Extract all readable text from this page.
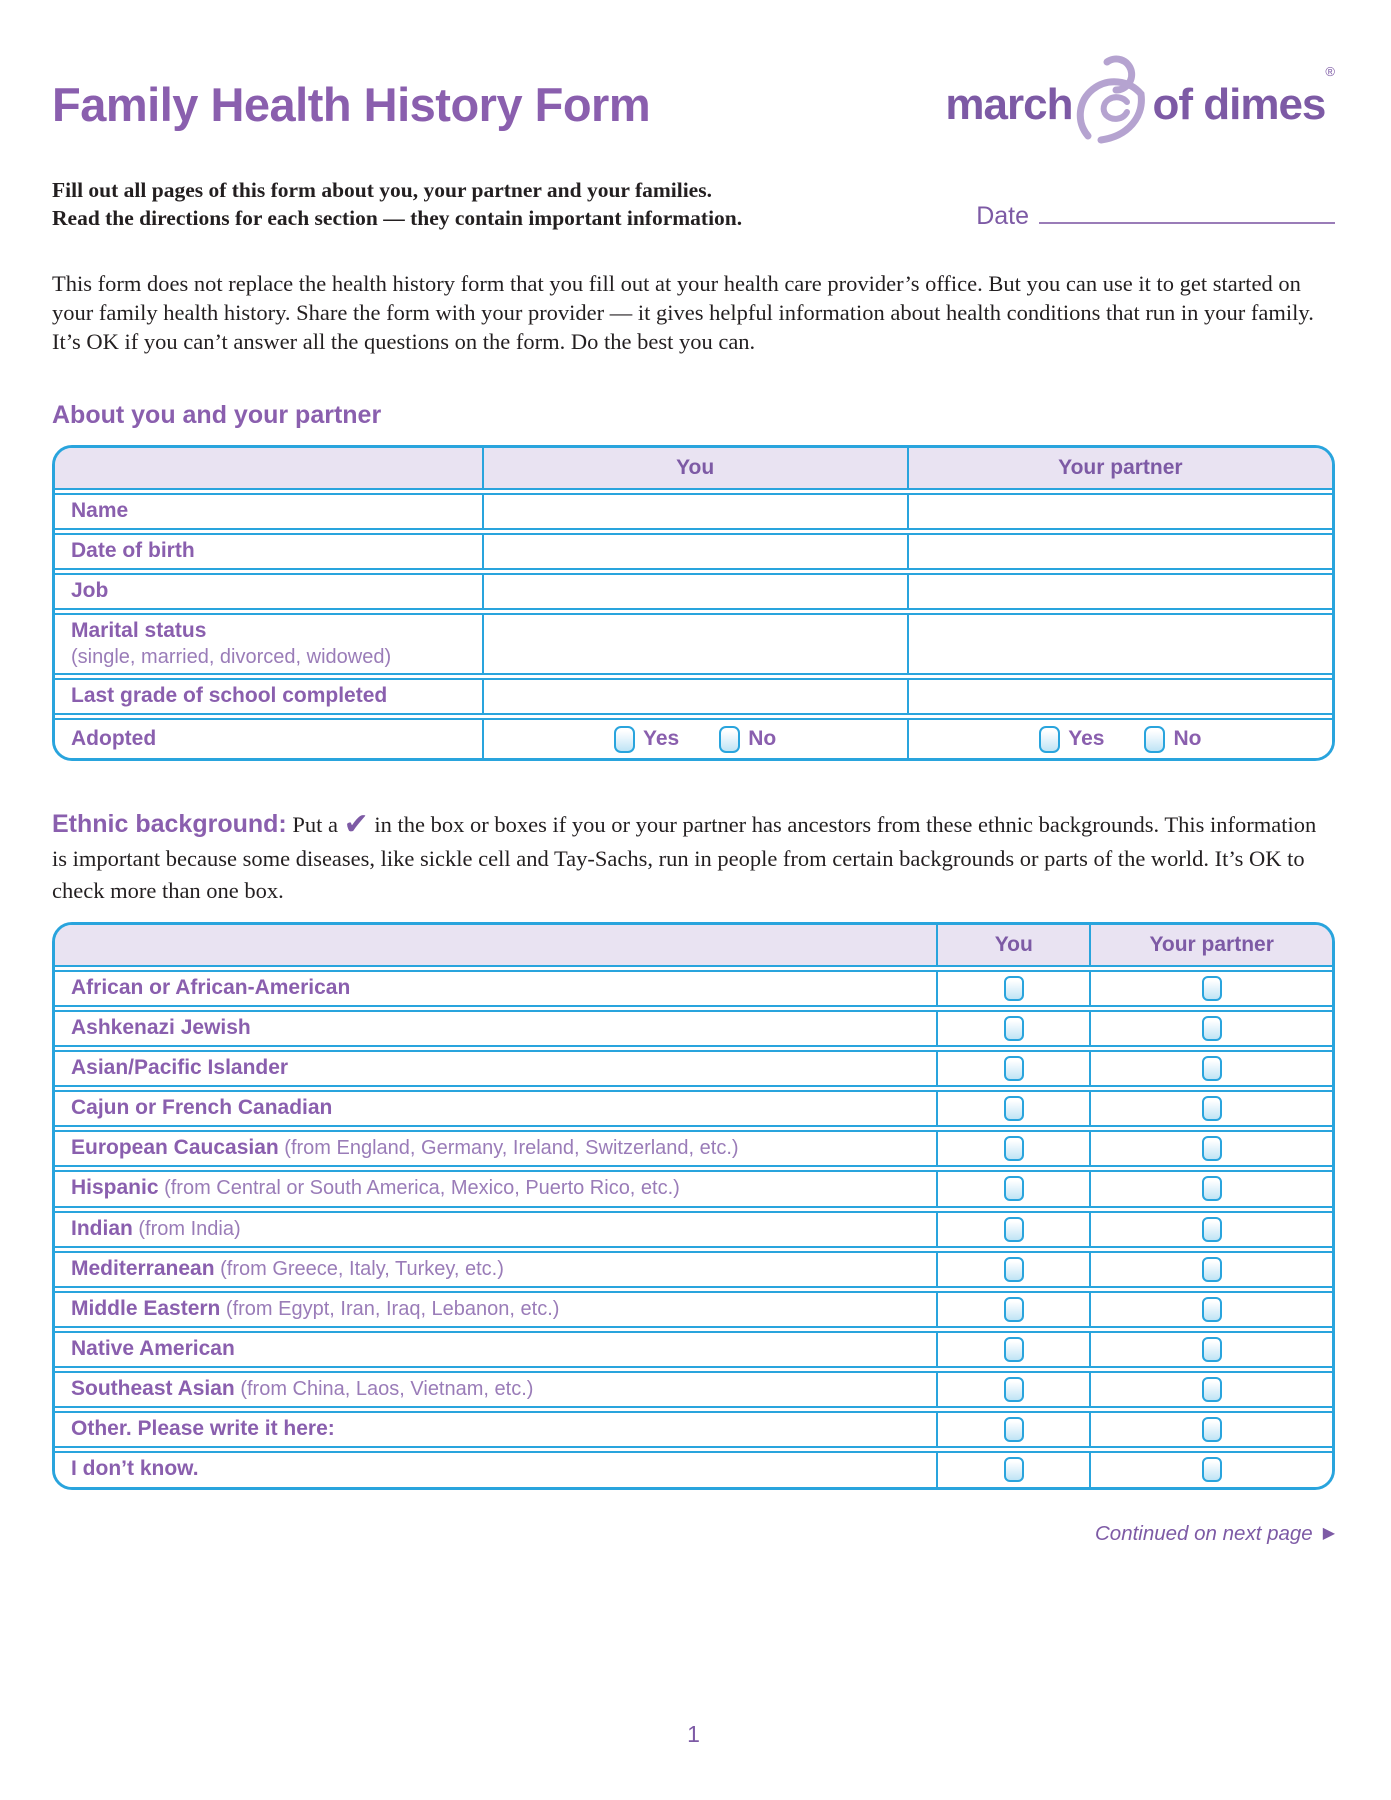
Family Health History Form	march of dimes
®
Fill out all pages of this form about you, your partner and your families.
Read the directions for each section — they contain important information.	Date

This form does not replace the health history form that you fill out at your health care provider’s office. But you can use it to get started on your family health history. Share the form with your provider — it gives helpful information about health conditions that run in your family. It’s OK if you can’t answer all the questions on the form. Do the best you can.

About you and your partner
You	Your partner
Name
Date of birth
Job
Marital status
(single, married, divorced, widowed)
Last grade of school completed
Adopted	Yes	No	Yes	No

Ethnic background: Put a ✔ in the box or boxes if you or your partner has ancestors from these ethnic backgrounds. This information is important because some diseases, like sickle cell and Tay-Sachs, run in people from certain backgrounds or parts of the world. It’s OK to check more than one box.

You	Your partner
African or African-American
Ashkenazi Jewish
Asian/Pacific Islander
Cajun or French Canadian
European Caucasian (from England, Germany, Ireland, Switzerland, etc.)
Hispanic (from Central or South America, Mexico, Puerto Rico, etc.)
Indian (from India)
Mediterranean (from Greece, Italy, Turkey, etc.)
Middle Eastern (from Egypt, Iran, Iraq, Lebanon, etc.)
Native American
Southeast Asian (from China, Laos, Vietnam, etc.)
Other. Please write it here:
I don’t know.
Continued on next page ▶
1
